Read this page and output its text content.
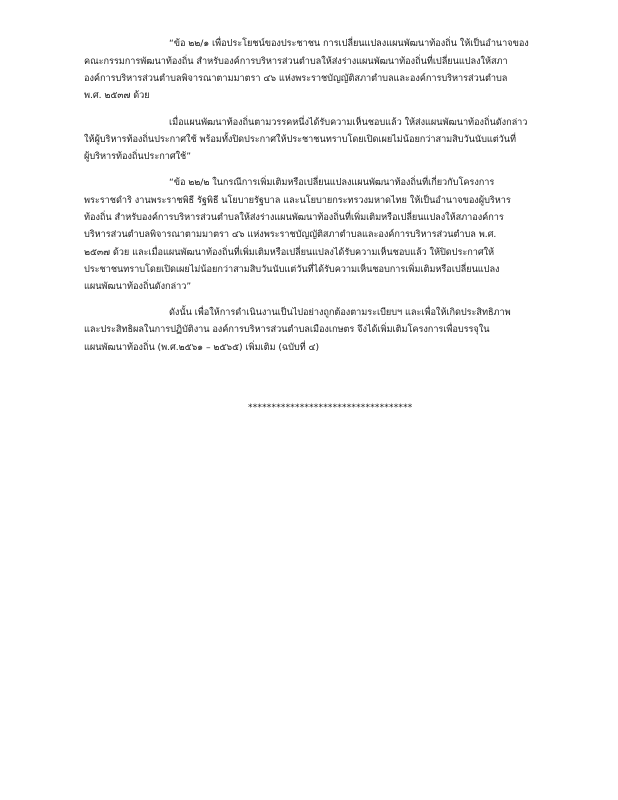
“ข้อ ๒๒/๑ เพื่อประโยชน์ของประชาชน การเปลี่ยนแปลงแผนพัฒนาท้องถิ่น ให้เป็นอำนาจของ
คณะกรรมการพัฒนาท้องถิ่น สำหรับองค์การบริหารส่วนตำบลให้ส่งร่างแผนพัฒนาท้องถิ่นที่เปลี่ยนแปลงให้สภา
องค์การบริหารส่วนตำบลพิจารณาตามมาตรา ๔๖ แห่งพระราชบัญญัติสภาตำบลและองค์การบริหารส่วนตำบล
พ.ศ. ๒๕๓๗ ด้วย
เมื่อแผนพัฒนาท้องถิ่นตามวรรคหนึ่งได้รับความเห็นชอบแล้ว ให้ส่งแผนพัฒนาท้องถิ่นดังกล่าว
ให้ผู้บริหารท้องถิ่นประกาศใช้ พร้อมทั้งปิดประกาศให้ประชาชนทราบโดยเปิดเผยไม่น้อยกว่าสามสิบวันนับแต่วันที่
ผู้บริหารท้องถิ่นประกาศใช้”
“ข้อ ๒๒/๒ ในกรณีการเพิ่มเติมหรือเปลี่ยนแปลงแผนพัฒนาท้องถิ่นที่เกี่ยวกับโครงการ
พระราชดำริ งานพระราชพิธี รัฐพิธี นโยบายรัฐบาล และนโยบายกระทรวงมหาดไทย ให้เป็นอำนาจของผู้บริหาร
ท้องถิ่น สำหรับองค์การบริหารส่วนตำบลให้ส่งร่างแผนพัฒนาท้องถิ่นที่เพิ่มเติมหรือเปลี่ยนแปลงให้สภาองค์การ
บริหารส่วนตำบลพิจารณาตามมาตรา ๔๖ แห่งพระราชบัญญัติสภาตำบลและองค์การบริหารส่วนตำบล พ.ศ.
๒๕๓๗ ด้วย และเมื่อแผนพัฒนาท้องถิ่นที่เพิ่มเติมหรือเปลี่ยนแปลงได้รับความเห็นชอบแล้ว ให้ปิดประกาศให้
ประชาชนทราบโดยเปิดเผยไม่น้อยกว่าสามสิบวันนับแต่วันที่ได้รับความเห็นชอบการเพิ่มเติมหรือเปลี่ยนแปลง
แผนพัฒนาท้องถิ่นดังกล่าว”
ดังนั้น เพื่อให้การดำเนินงานเป็นไปอย่างถูกต้องตามระเบียบฯ และเพื่อให้เกิดประสิทธิภาพ
และประสิทธิผลในการปฏิบัติงาน องค์การบริหารส่วนตำบลเมืองเกษตร จึงได้เพิ่มเติมโครงการเพื่อบรรจุใน
แผนพัฒนาท้องถิ่น (พ.ศ.๒๕๖๑ – ๒๕๖๕) เพิ่มเติม (ฉบับที่ ๔)
***********************************
